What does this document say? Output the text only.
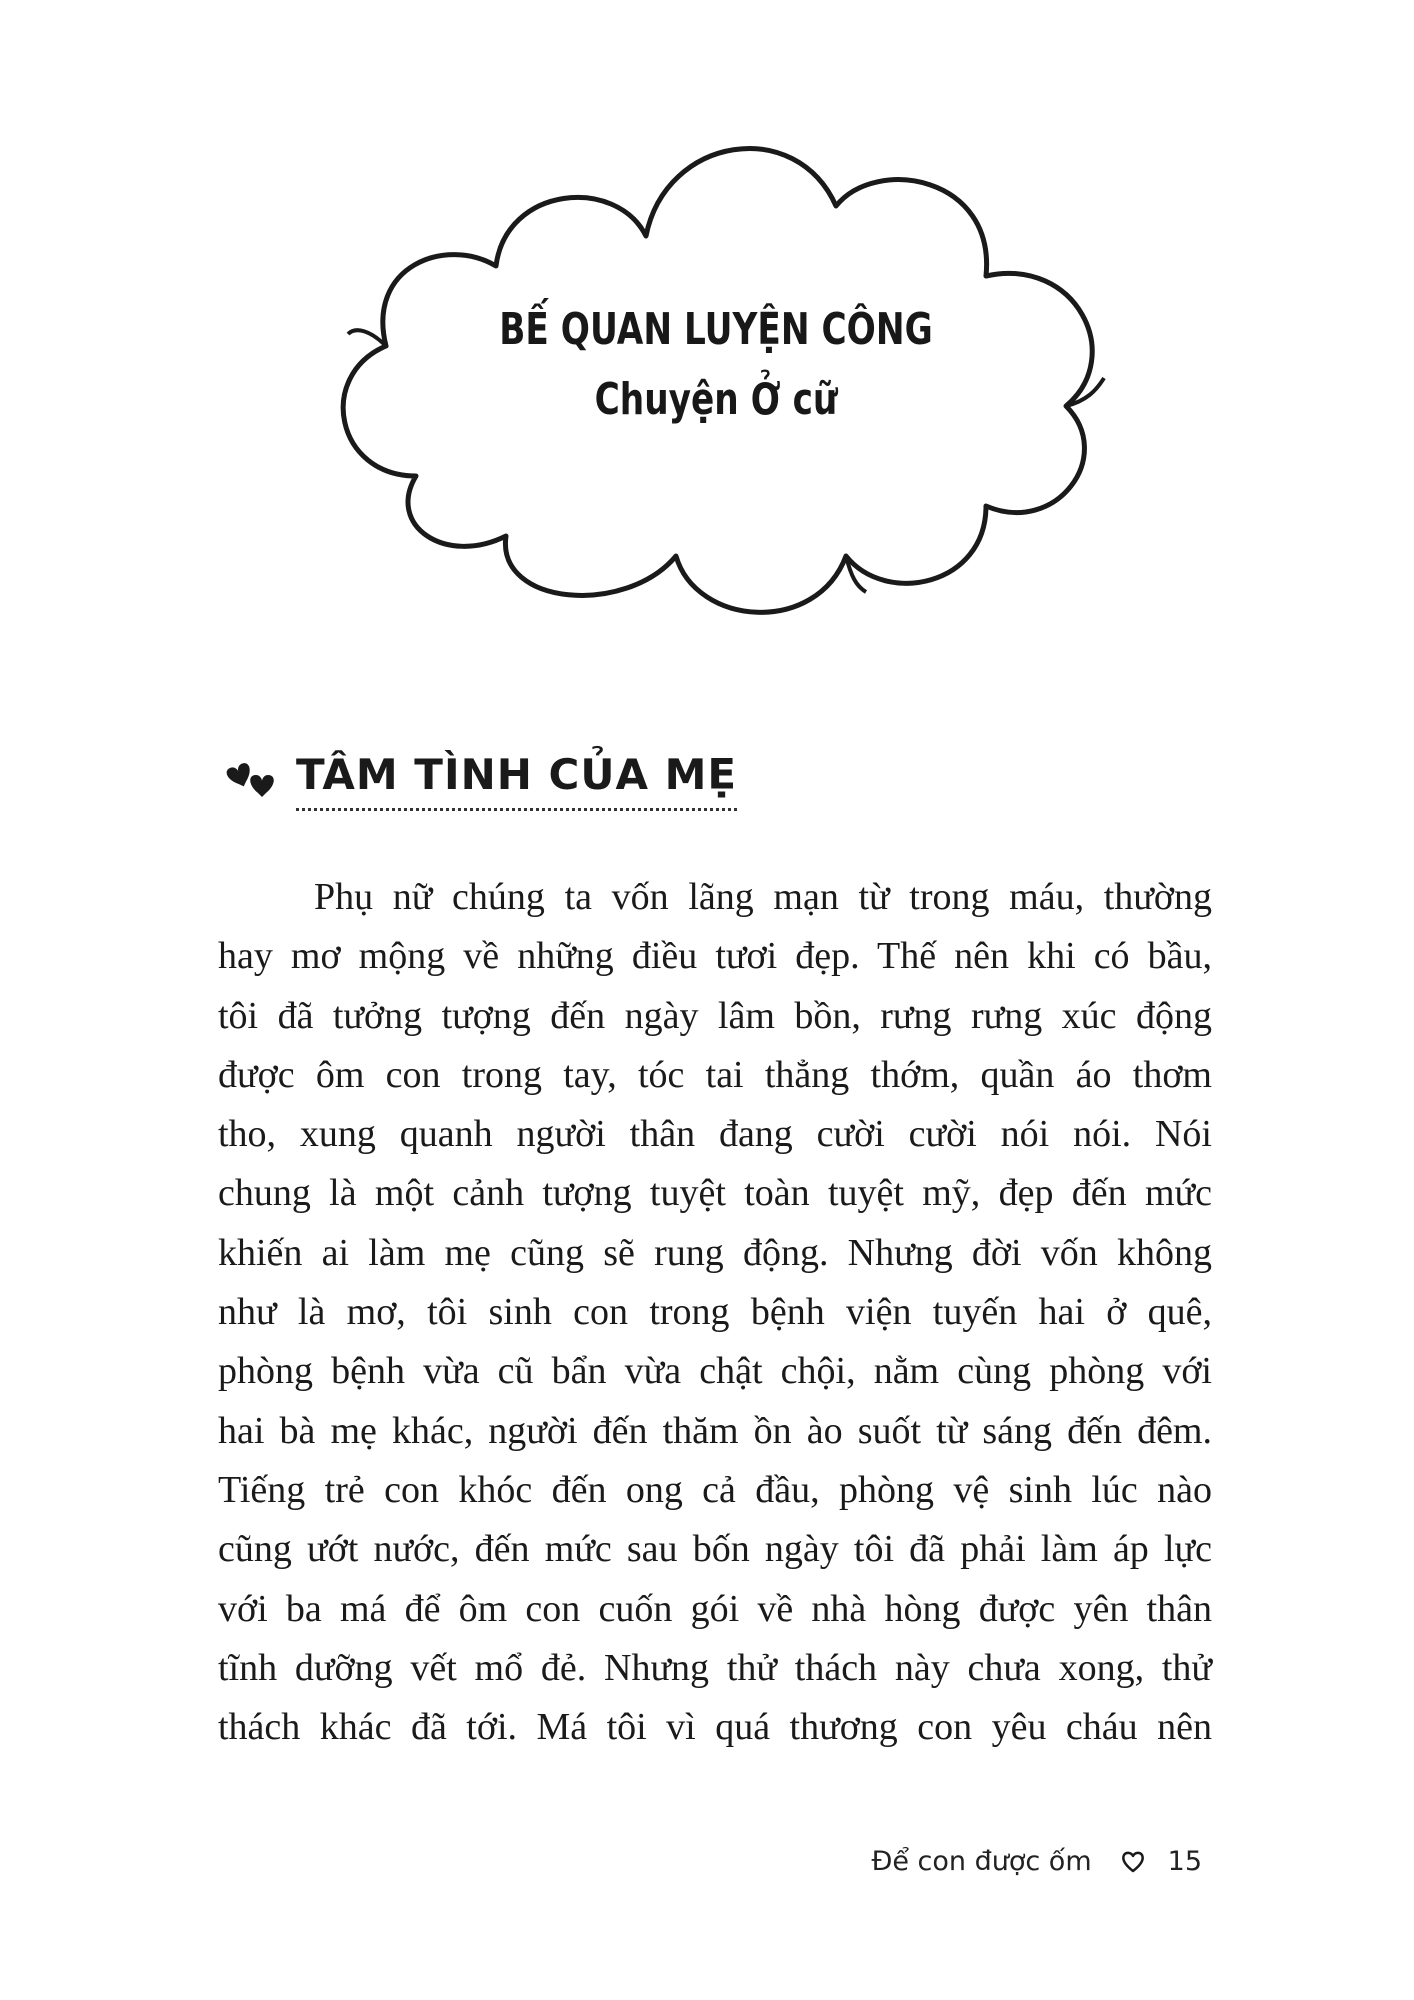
BẾ QUAN LUYỆN CÔNG
Chuyện Ở cữ
TÂM TÌNH CỦA MẸ
Phụ nữ chúng ta vốn lãng mạn từ trong máu, thường
hay mơ mộng về những điều tươi đẹp. Thế nên khi có bầu,
tôi đã tưởng tượng đến ngày lâm bồn, rưng rưng xúc động
được ôm con trong tay, tóc tai thẳng thớm, quần áo thơm
tho, xung quanh người thân đang cười cười nói nói. Nói
chung là một cảnh tượng tuyệt toàn tuyệt mỹ, đẹp đến mức
khiến ai làm mẹ cũng sẽ rung động. Nhưng đời vốn không
như là mơ, tôi sinh con trong bệnh viện tuyến hai ở quê,
phòng bệnh vừa cũ bẩn vừa chật chội, nằm cùng phòng với
hai bà mẹ khác, người đến thăm ồn ào suốt từ sáng đến đêm.
Tiếng trẻ con khóc đến ong cả đầu, phòng vệ sinh lúc nào
cũng ướt nước, đến mức sau bốn ngày tôi đã phải làm áp lực
với ba má để ôm con cuốn gói về nhà hòng được yên thân
tĩnh dưỡng vết mổ đẻ. Nhưng thử thách này chưa xong, thử
thách khác đã tới. Má tôi vì quá thương con yêu cháu nên
Để con được ốm	15
